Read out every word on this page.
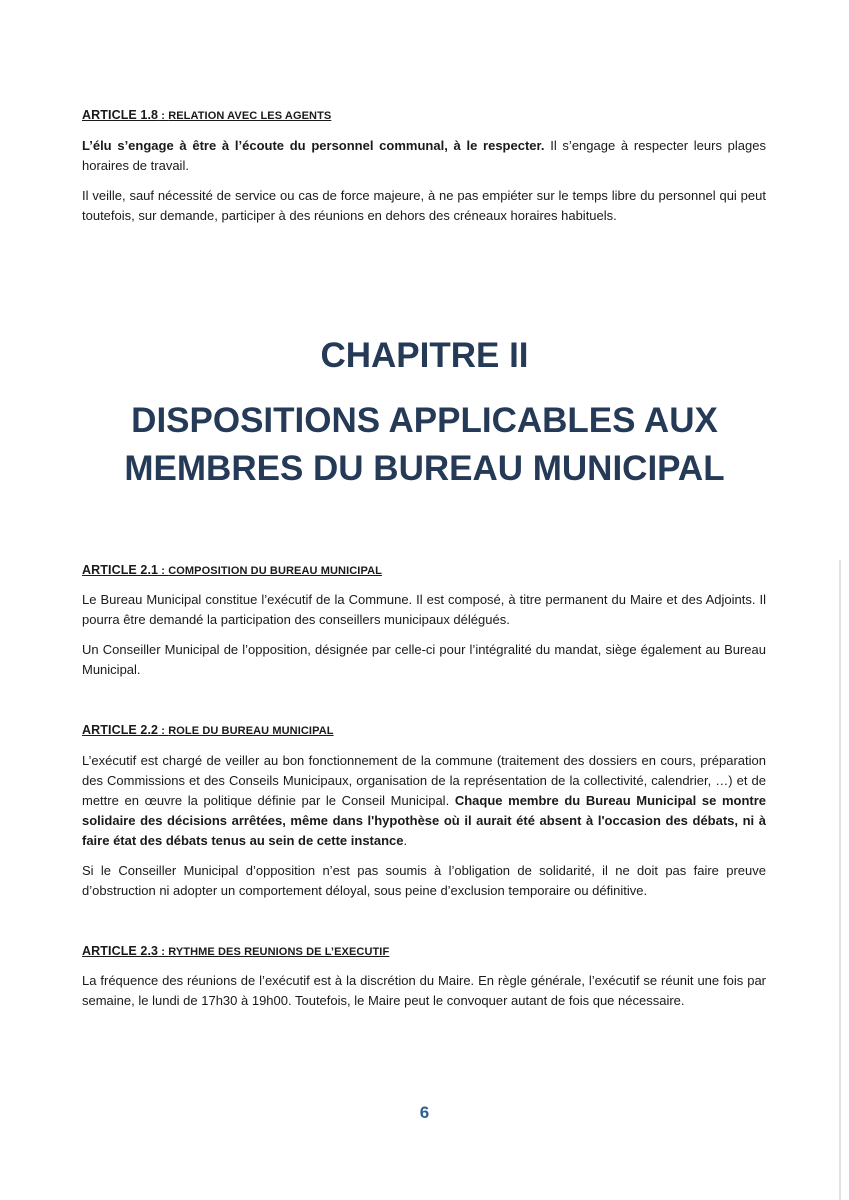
ARTICLE 1.8 : RELATION AVEC LES AGENTS

L’élu s’engage à être à l’écoute du personnel communal, à le respecter. Il s’engage à respecter leurs plages horaires de travail.

Il veille, sauf nécessité de service ou cas de force majeure, à ne pas empiéter sur le temps libre du personnel qui peut toutefois, sur demande, participer à des réunions en dehors des créneaux horaires habituels.

CHAPITRE II
DISPOSITIONS APPLICABLES AUX
MEMBRES DU BUREAU MUNICIPAL
ARTICLE 2.1 : COMPOSITION DU BUREAU MUNICIPAL

Le Bureau Municipal constitue l’exécutif de la Commune. Il est composé, à titre permanent du Maire et des Adjoints. Il pourra être demandé la participation des conseillers municipaux délégués.

Un Conseiller Municipal de l’opposition, désignée par celle-ci pour l’intégralité du mandat, siège également au Bureau Municipal.

ARTICLE 2.2 : ROLE DU BUREAU MUNICIPAL

L’exécutif est chargé de veiller au bon fonctionnement de la commune (traitement des dossiers en cours, préparation des Commissions et des Conseils Municipaux, organisation de la représentation de la collectivité, calendrier, …) et de mettre en œuvre la politique définie par le Conseil Municipal. Chaque membre du Bureau Municipal se montre solidaire des décisions arrêtées, même dans l'hypothèse où il aurait été absent à l'occasion des débats, ni à faire état des débats tenus au sein de cette instance.

Si le Conseiller Municipal d’opposition n’est pas soumis à l’obligation de solidarité, il ne doit pas faire preuve d’obstruction ni adopter un comportement déloyal, sous peine d’exclusion temporaire ou définitive.

ARTICLE 2.3 : RYTHME DES REUNIONS DE L’EXECUTIF

La fréquence des réunions de l’exécutif est à la discrétion du Maire. En règle générale, l’exécutif se réunit une fois par semaine, le lundi de 17h30 à 19h00. Toutefois, le Maire peut le convoquer autant de fois que nécessaire.

6
